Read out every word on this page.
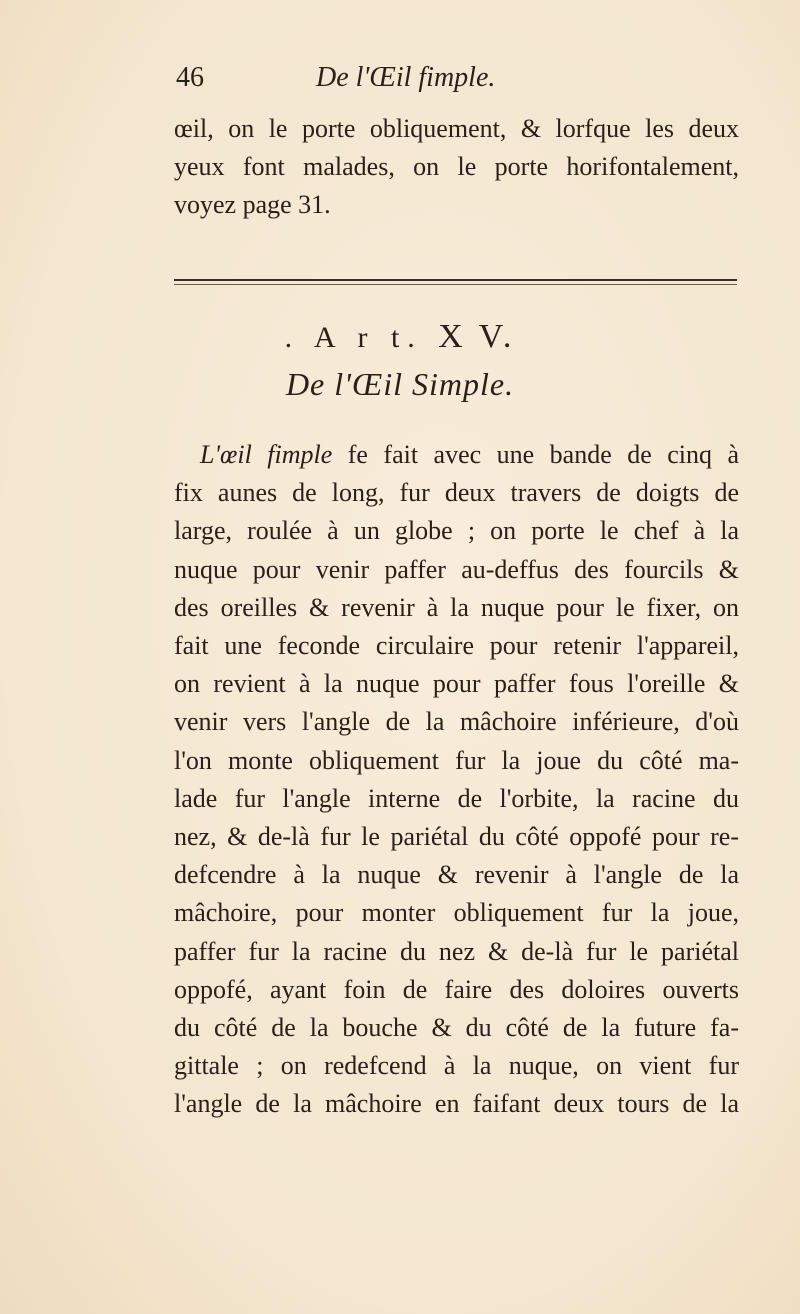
46	De l'Œil fimple.
œil, on le porte obliquement, & lorfque les deux
yeux font malades, on le porte horifontalement,
voyez page 31.
. A r t. X V.
De l'Œil Simple.
L'œil fimple fe fait avec une bande de cinq à
fix aunes de long, fur deux travers de doigts de
large, roulée à un globe ; on porte le chef à la
nuque pour venir paffer au-deffus des fourcils &
des oreilles & revenir à la nuque pour le fixer, on
fait une feconde circulaire pour retenir l'appareil,
on revient à la nuque pour paffer fous l'oreille &
venir vers l'angle de la mâchoire inférieure, d'où
l'on monte obliquement fur la joue du côté ma-
lade fur l'angle interne de l'orbite, la racine du
nez, & de-là fur le pariétal du côté oppofé pour re-
defcendre à la nuque & revenir à l'angle de la
mâchoire, pour monter obliquement fur la joue,
paffer fur la racine du nez & de-là fur le pariétal
oppofé, ayant foin de faire des doloires ouverts
du côté de la bouche & du côté de la future fa-
gittale ; on redefcend à la nuque, on vient fur
l'angle de la mâchoire en faifant deux tours de la
